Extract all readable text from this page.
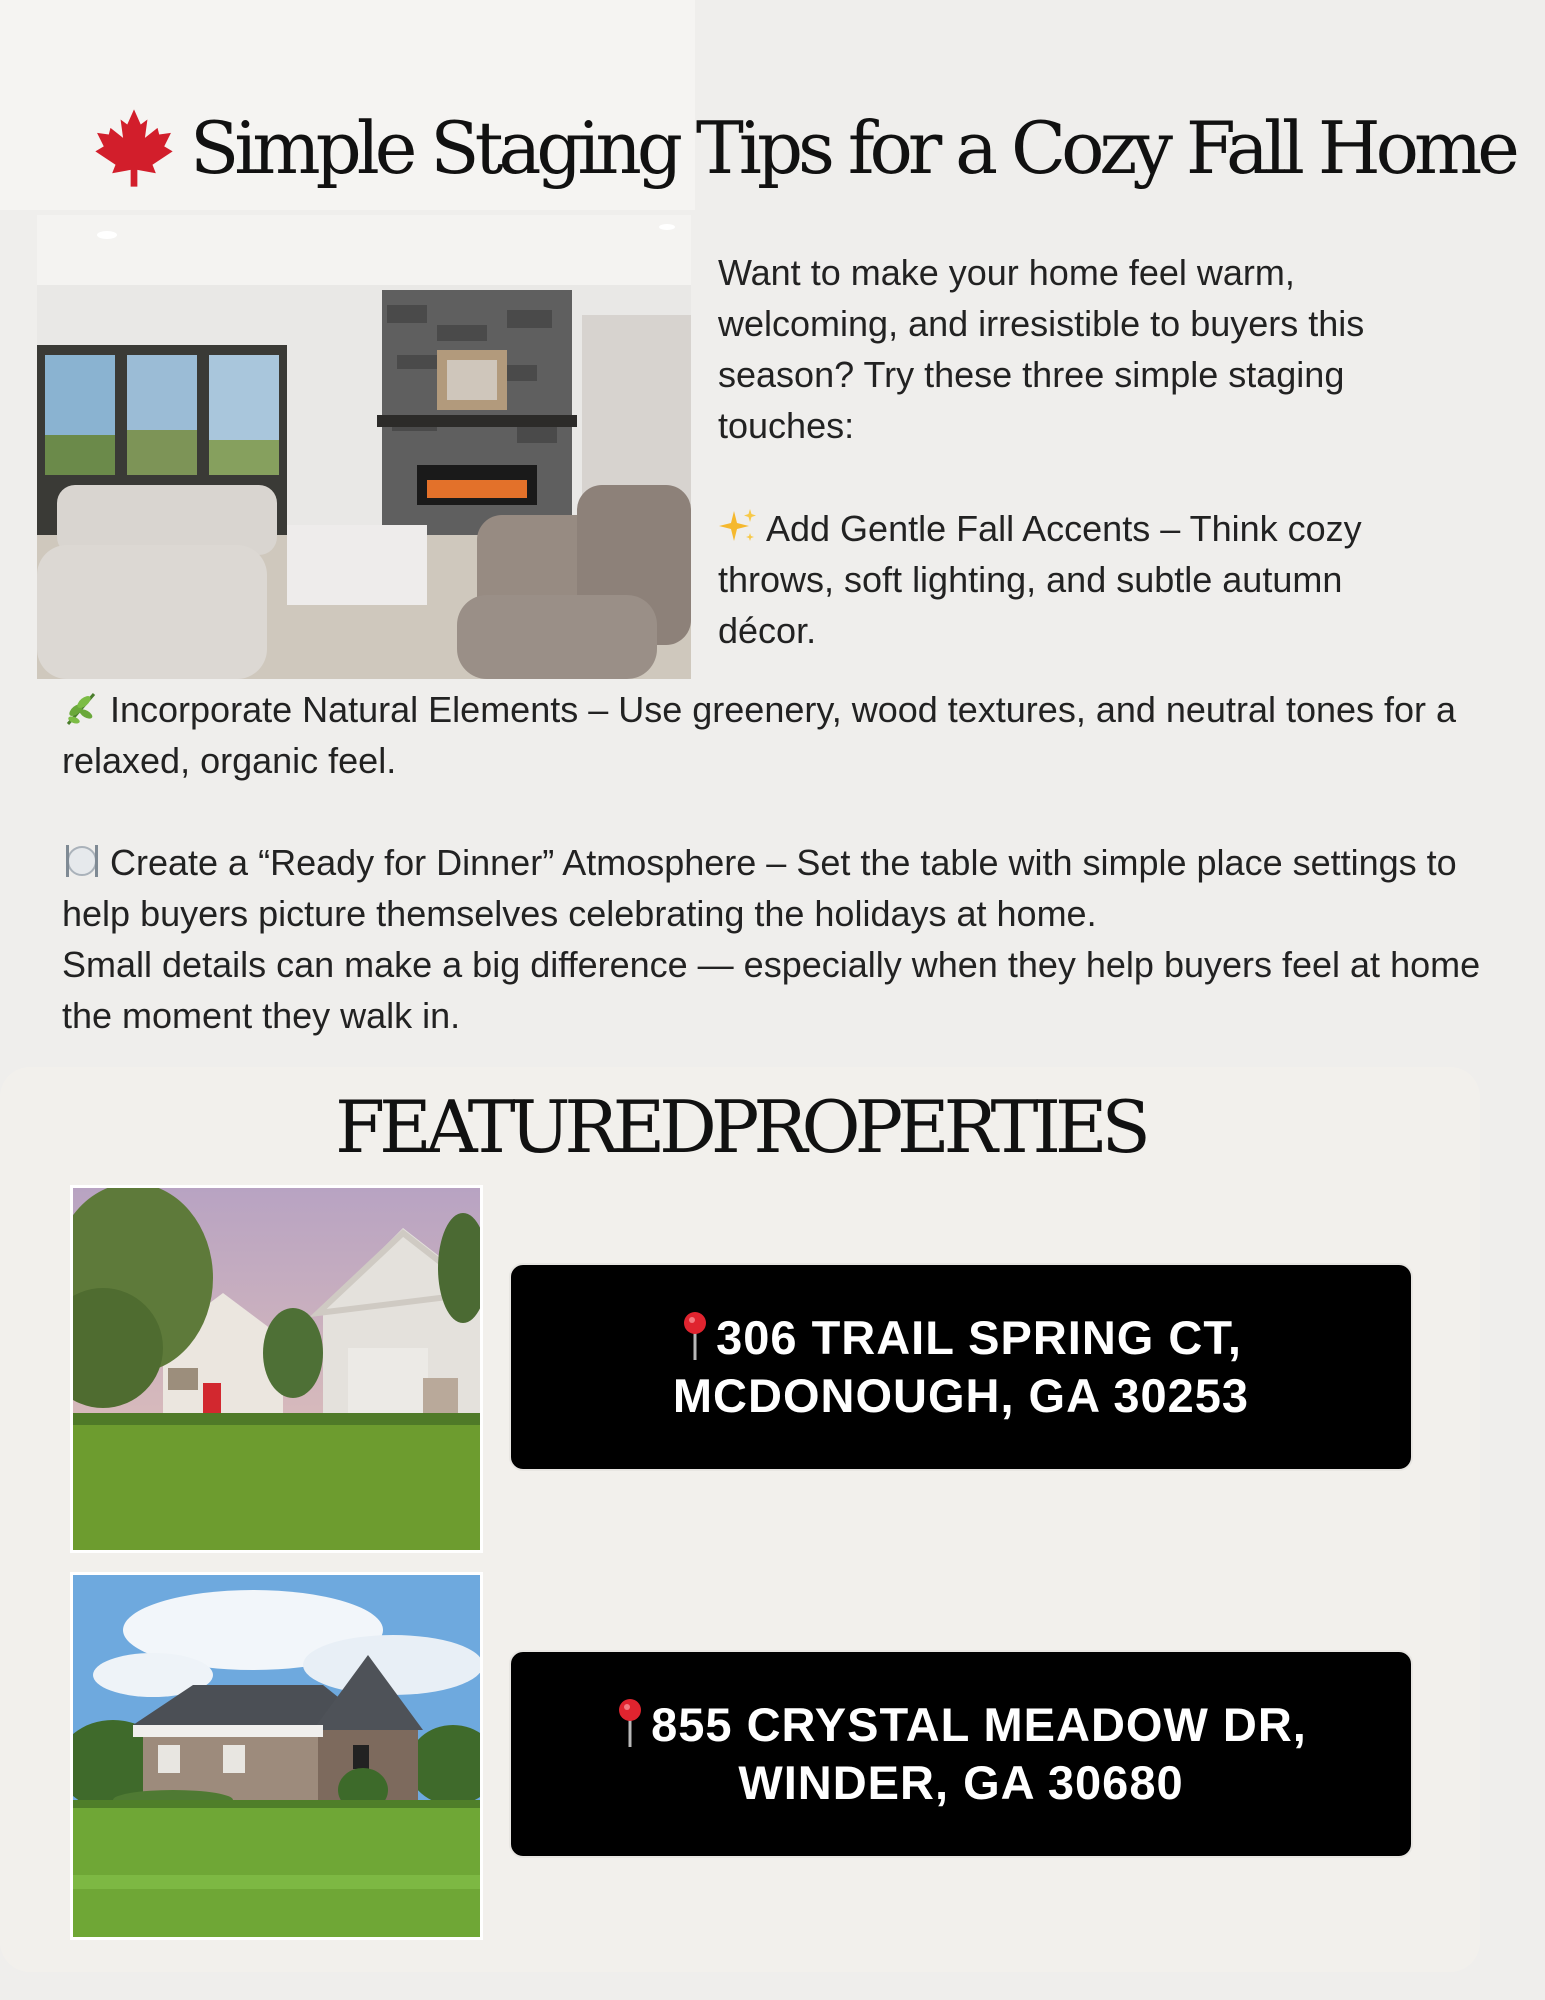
Simple Staging Tips for a Cozy Fall Home

Want to make your home feel warm, welcoming, and irresistible to buyers this season? Try these three simple staging touches:

Add Gentle Fall Accents – Think cozy throws, soft lighting, and subtle autumn décor.

Incorporate Natural Elements – Use greenery, wood textures, and neutral tones for a relaxed, organic feel.

Create a “Ready for Dinner” Atmosphere – Set the table with simple place settings to help buyers picture themselves celebrating the holidays at home.

Small details can make a big difference — especially when they help buyers feel at home the moment they walk in.

FEATUREDPROPERTIES
306 TRAIL SPRING CT,
MCDONOUGH, GA 30253
855 CRYSTAL MEADOW DR,
WINDER, GA 30680
